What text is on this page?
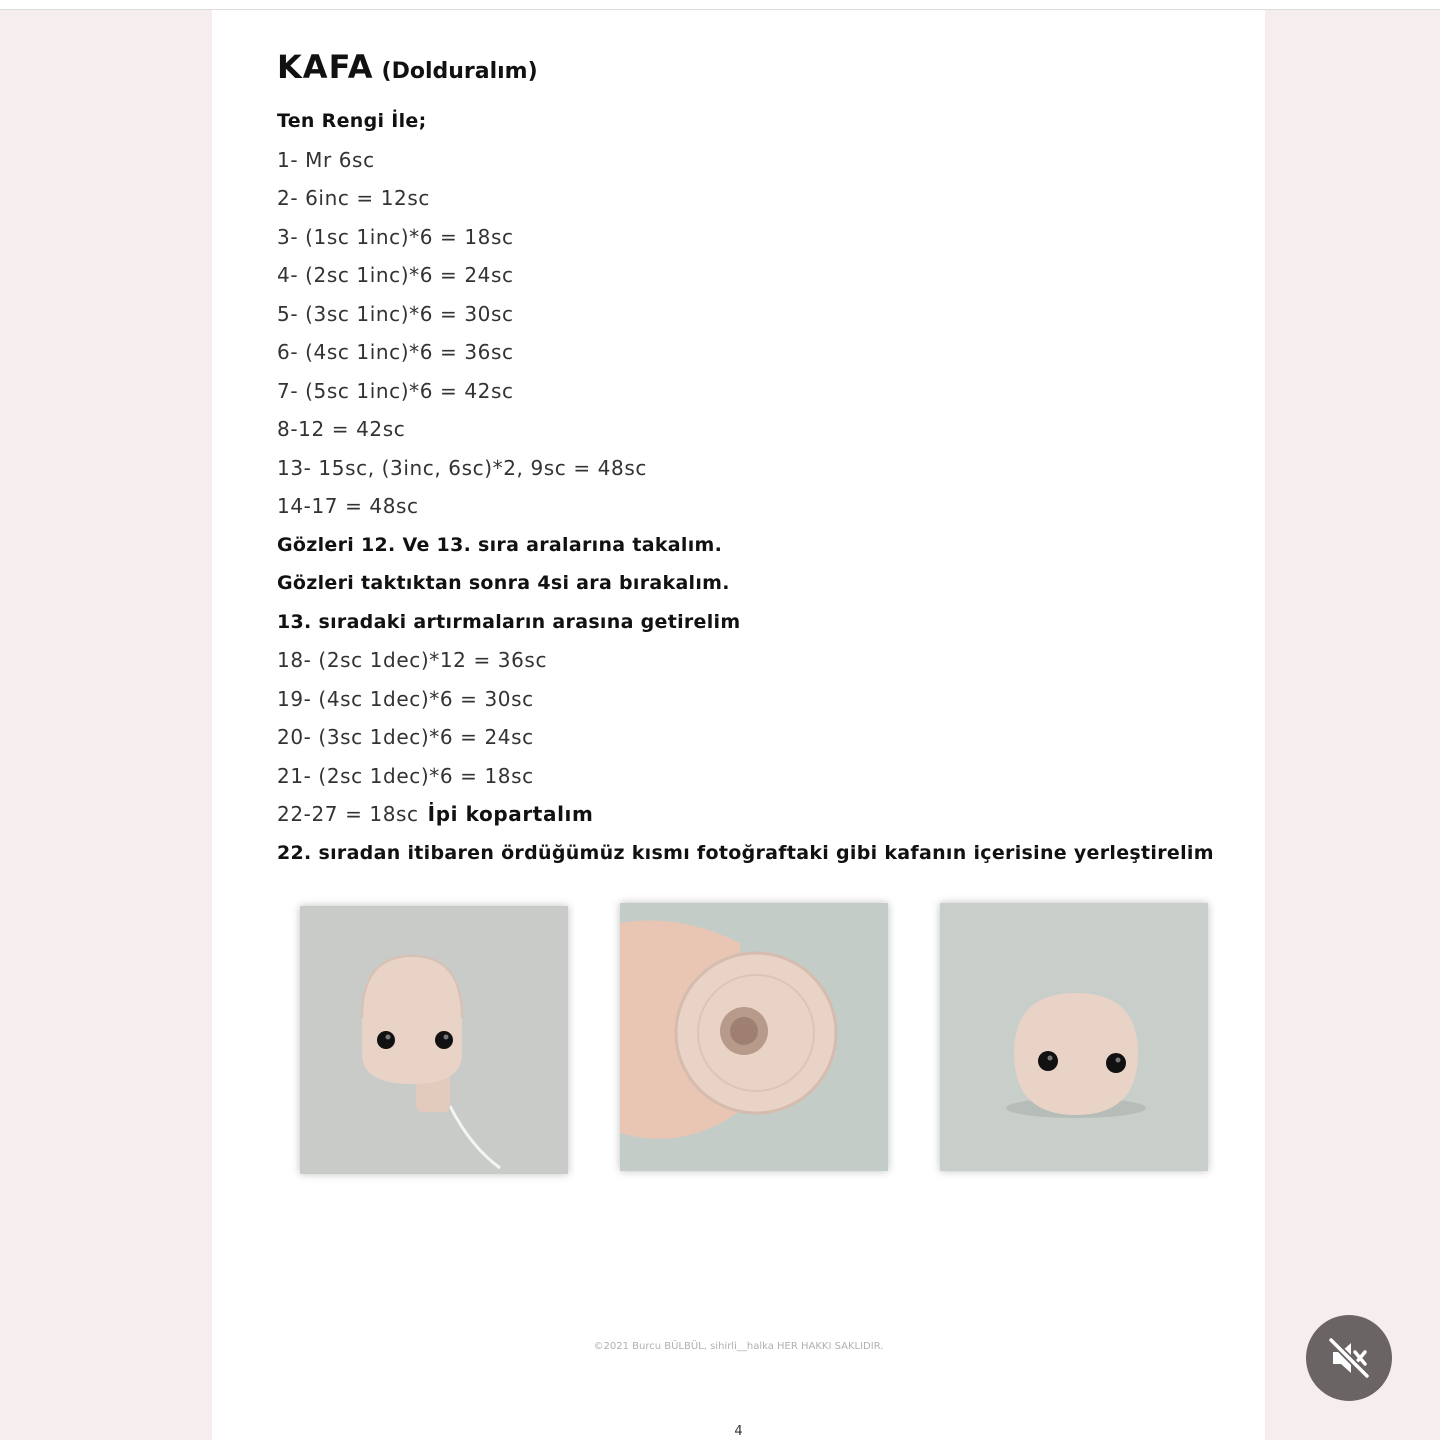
KAFA (Dolduralım)
Ten Rengi İle;
1- Mr 6sc
2- 6inc = 12sc
3- (1sc 1inc)*6 = 18sc
4- (2sc 1inc)*6 = 24sc
5- (3sc 1inc)*6 = 30sc
6- (4sc 1inc)*6 = 36sc
7- (5sc 1inc)*6 = 42sc
8-12 = 42sc
13- 15sc, (3inc, 6sc)*2, 9sc = 48sc
14-17 = 48sc
Gözleri 12. Ve 13. sıra aralarına takalım.
Gözleri taktıktan sonra 4si ara bırakalım.
13. sıradaki artırmaların arasına getirelim
18- (2sc 1dec)*12 = 36sc
19- (4sc 1dec)*6 = 30sc
20- (3sc 1dec)*6 = 24sc
21- (2sc 1dec)*6 = 18sc
22-27 = 18sc İpi kopartalım
22. sıradan itibaren ördüğümüz kısmı fotoğraftaki gibi kafanın içerisine yerleştirelim
©2021 Burcu BÜLBÜL, sihirli__halka HER HAKKI SAKLIDIR.
4
